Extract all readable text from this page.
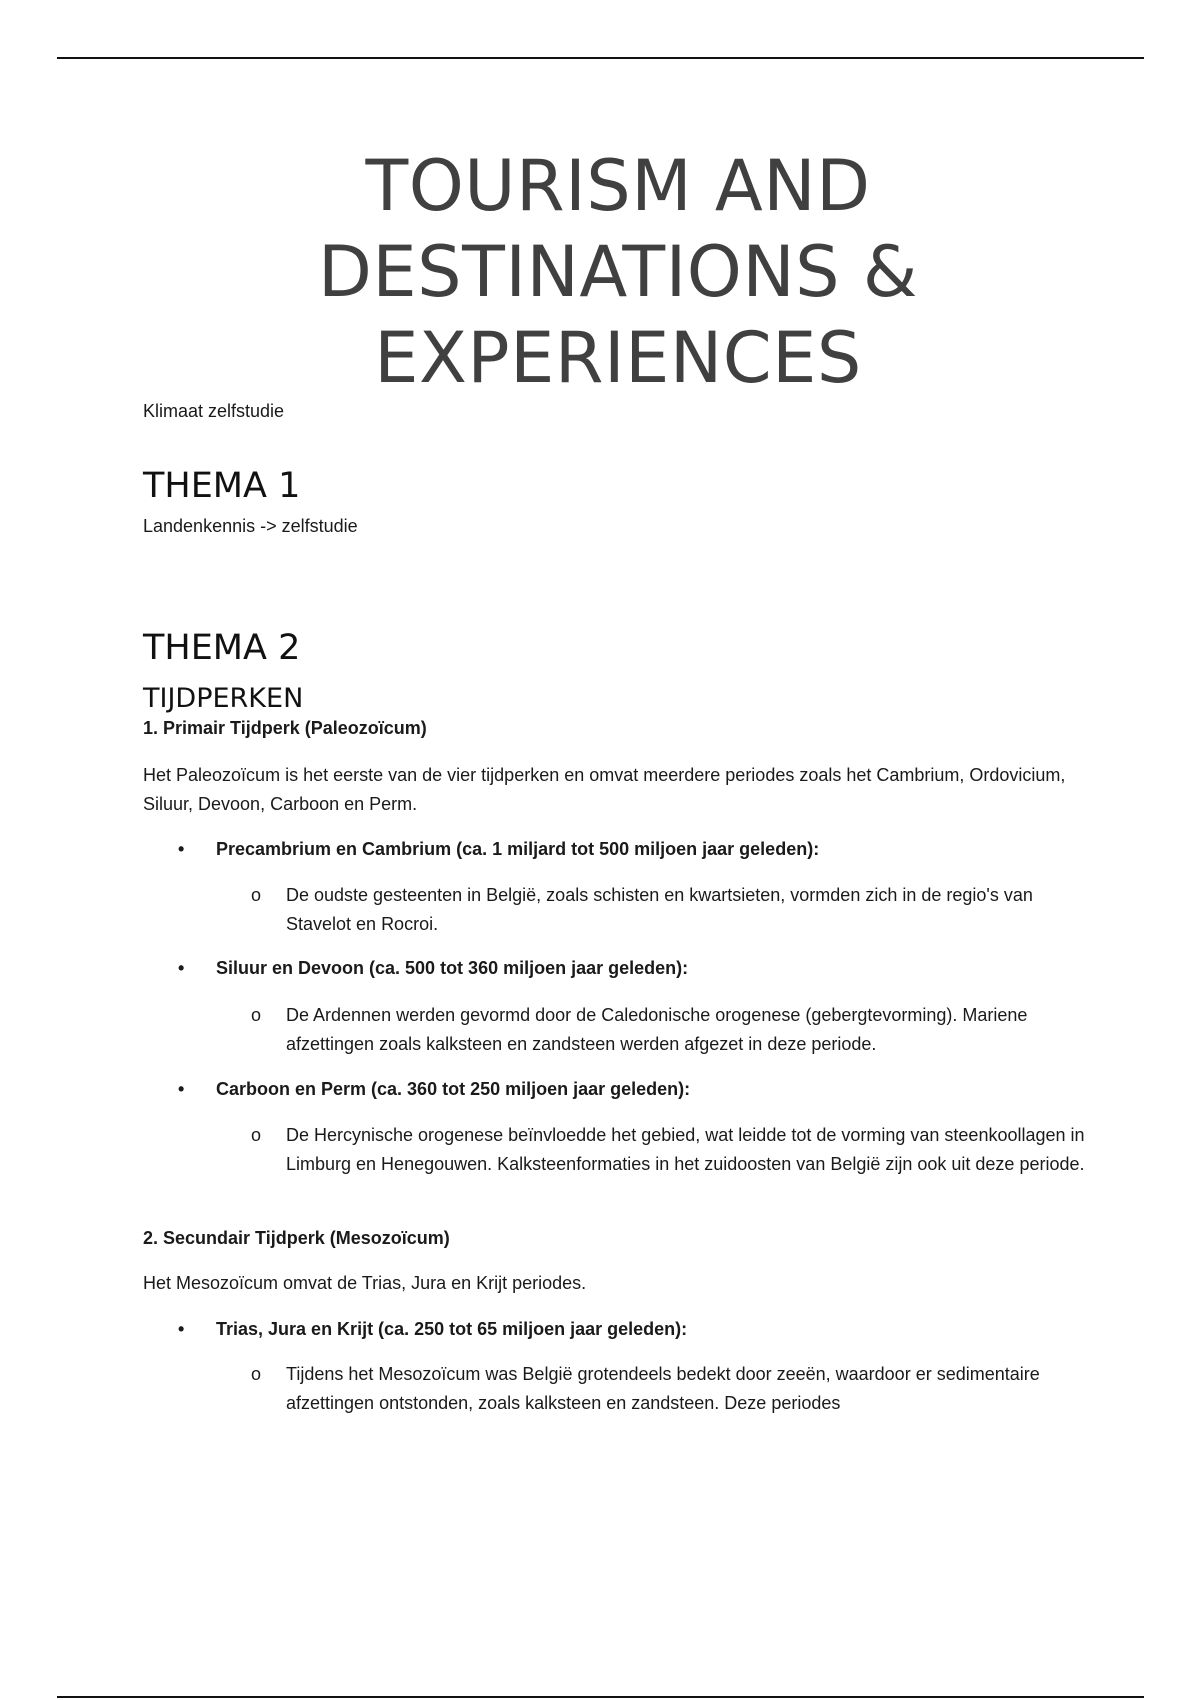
TOURISM AND
DESTINATIONS &
EXPERIENCES

Klimaat zelfstudie

THEMA 1

Landenkennis -> zelfstudie

THEMA 2
TIJDPERKEN

1. Primair Tijdperk (Paleozoïcum)

Het Paleozoïcum is het eerste van de vier tijdperken en omvat meerdere periodes zoals het Cambrium, Ordovicium, Siluur, Devoon, Carboon en Perm.

• Precambrium en Cambrium (ca. 1 miljard tot 500 miljoen jaar geleden):
o De oudste gesteenten in België, zoals schisten en kwartsieten, vormden zich in de regio's van Stavelot en Rocroi.
• Siluur en Devoon (ca. 500 tot 360 miljoen jaar geleden):
o De Ardennen werden gevormd door de Caledonische orogenese (gebergtevorming). Mariene afzettingen zoals kalksteen en zandsteen werden afgezet in deze periode.
• Carboon en Perm (ca. 360 tot 250 miljoen jaar geleden):
o De Hercynische orogenese beïnvloedde het gebied, wat leidde tot de vorming van steenkoollagen in Limburg en Henegouwen. Kalksteenformaties in het zuidoosten van België zijn ook uit deze periode.

2. Secundair Tijdperk (Mesozoïcum)

Het Mesozoïcum omvat de Trias, Jura en Krijt periodes.

• Trias, Jura en Krijt (ca. 250 tot 65 miljoen jaar geleden):
o Tijdens het Mesozoïcum was België grotendeels bedekt door zeeën, waardoor er sedimentaire afzettingen ontstonden, zoals kalksteen en zandsteen. Deze periodes
